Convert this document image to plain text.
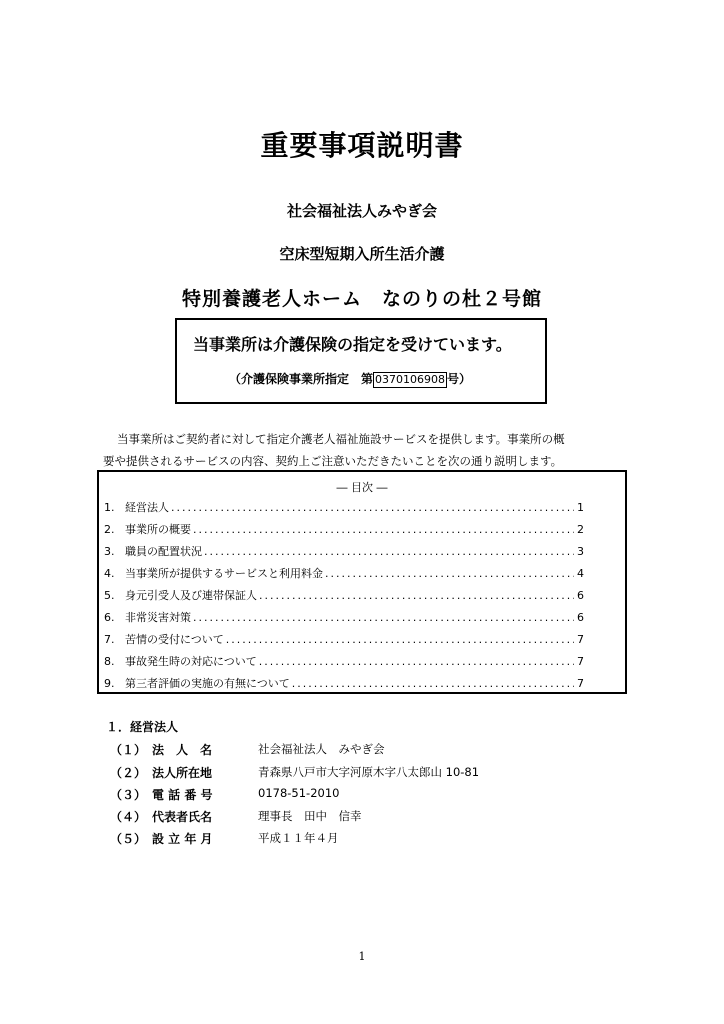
重要事項説明書
社会福祉法人みやぎ会
空床型短期入所生活介護
特別養護老人ホーム　なのりの杜２号館
当事業所は介護保険の指定を受けています。
（介護保険事業所指定　第 0370106908 号）
当事業所はご契約者に対して指定介護老人福祉施設サービスを提供します。事業所の概
要や提供されるサービスの内容、契約上ご注意いただきたいことを次の通り説明します。
― 目次 ―
1. 経営法人 .....	1
2. 事業所の概要 .....	2
3. 職員の配置状況 .....	3
4. 当事業所が提供するサービスと利用料金 .....	4
5. 身元引受人及び連帯保証人 .....	6
6. 非常災害対策 .....	6
7. 苦情の受付について .....	7
8. 事故発生時の対応について .....	7
9. 第三者評価の実施の有無について .....	7
１．経営法人
（１）　法　人　名	社会福祉法人　みやぎ会
（２）　法人所在地	青森県八戸市大字河原木字八太郎山 10-81
（３）　電 話 番 号	0178-51-2010
（４）　代表者氏名	理事長　田中　信幸
（５）　設 立 年 月	平成１１年４月
1
